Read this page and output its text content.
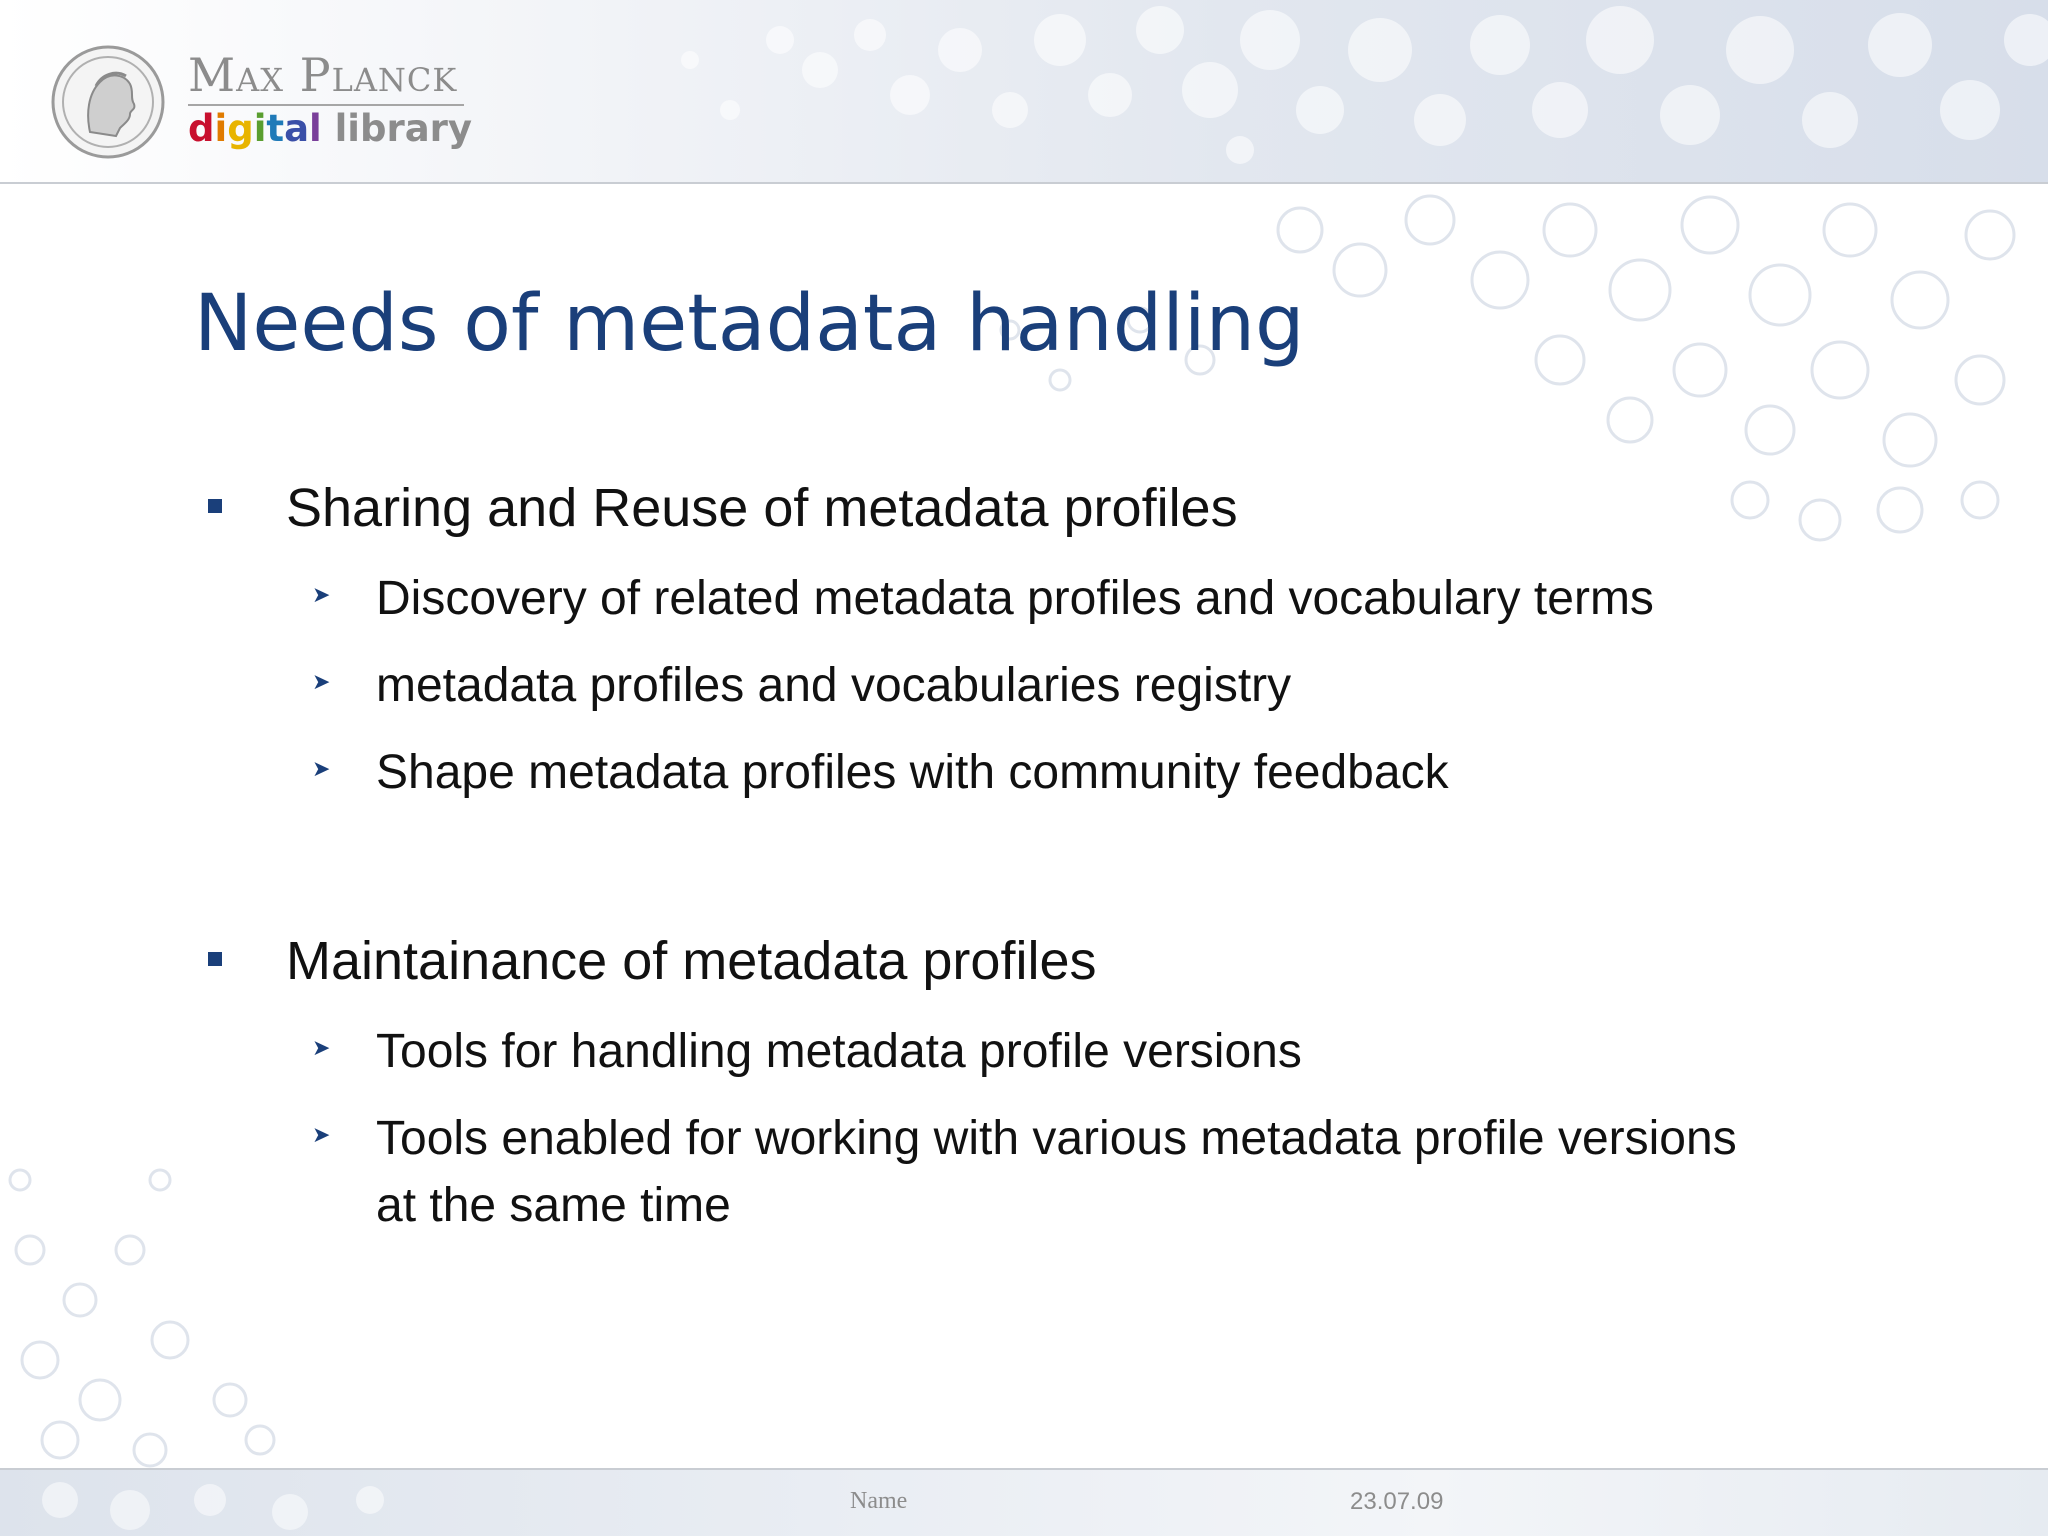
Max Planck
digital library
Needs of metadata handling
Sharing and Reuse of metadata profiles
➤ Discovery of related metadata profiles and vocabulary terms
➤ metadata profiles and vocabularies registry
➤ Shape metadata profiles with community feedback
Maintainance of metadata profiles
➤ Tools for handling metadata profile versions
➤ Tools enabled for working with various metadata profile versions
at the same time
Name	23.07.09
